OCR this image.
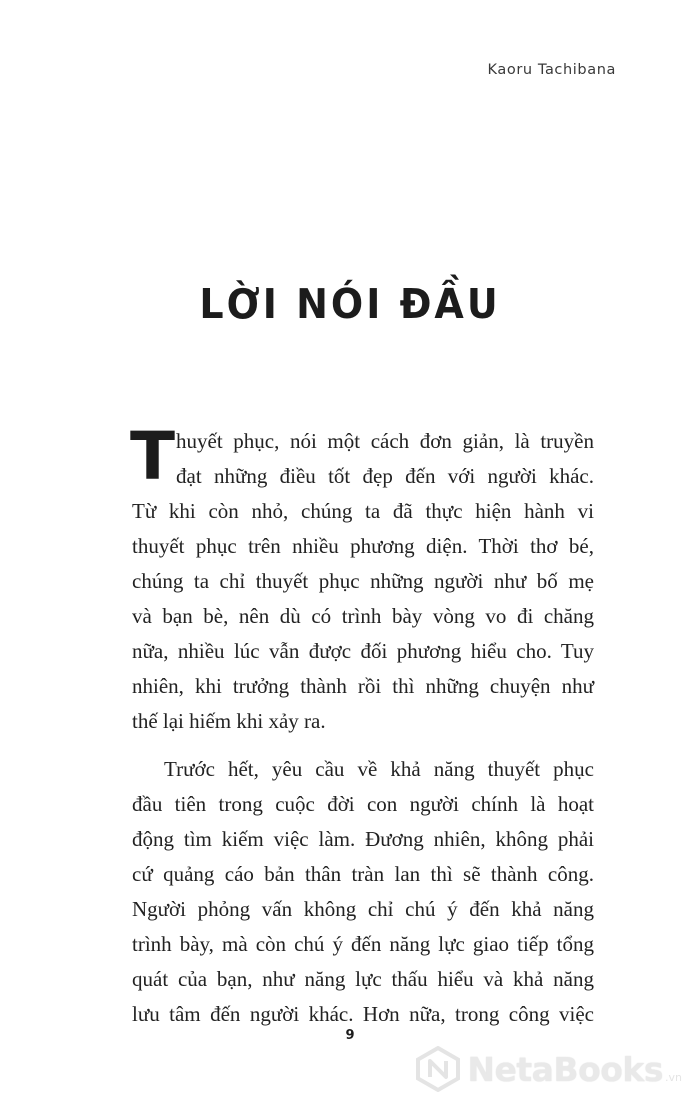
Kaoru Tachibana
LỜI NÓI ĐẦU
T huyết phục, nói một cách đơn giản, là truyền
đạt những điều tốt đẹp đến với người khác.
Từ khi còn nhỏ, chúng ta đã thực hiện hành vi
thuyết phục trên nhiều phương diện. Thời thơ bé,
chúng ta chỉ thuyết phục những người như bố mẹ
và bạn bè, nên dù có trình bày vòng vo đi chăng
nữa, nhiều lúc vẫn được đối phương hiểu cho. Tuy
nhiên, khi trưởng thành rồi thì những chuyện như
thế lại hiếm khi xảy ra.
Trước hết, yêu cầu về khả năng thuyết phục
đầu tiên trong cuộc đời con người chính là hoạt
động tìm kiếm việc làm. Đương nhiên, không phải
cứ quảng cáo bản thân tràn lan thì sẽ thành công.
Người phỏng vấn không chỉ chú ý đến khả năng
trình bày, mà còn chú ý đến năng lực giao tiếp tổng
quát của bạn, như năng lực thấu hiểu và khả năng
lưu tâm đến người khác. Hơn nữa, trong công việc
9
NetaBooks .vn
